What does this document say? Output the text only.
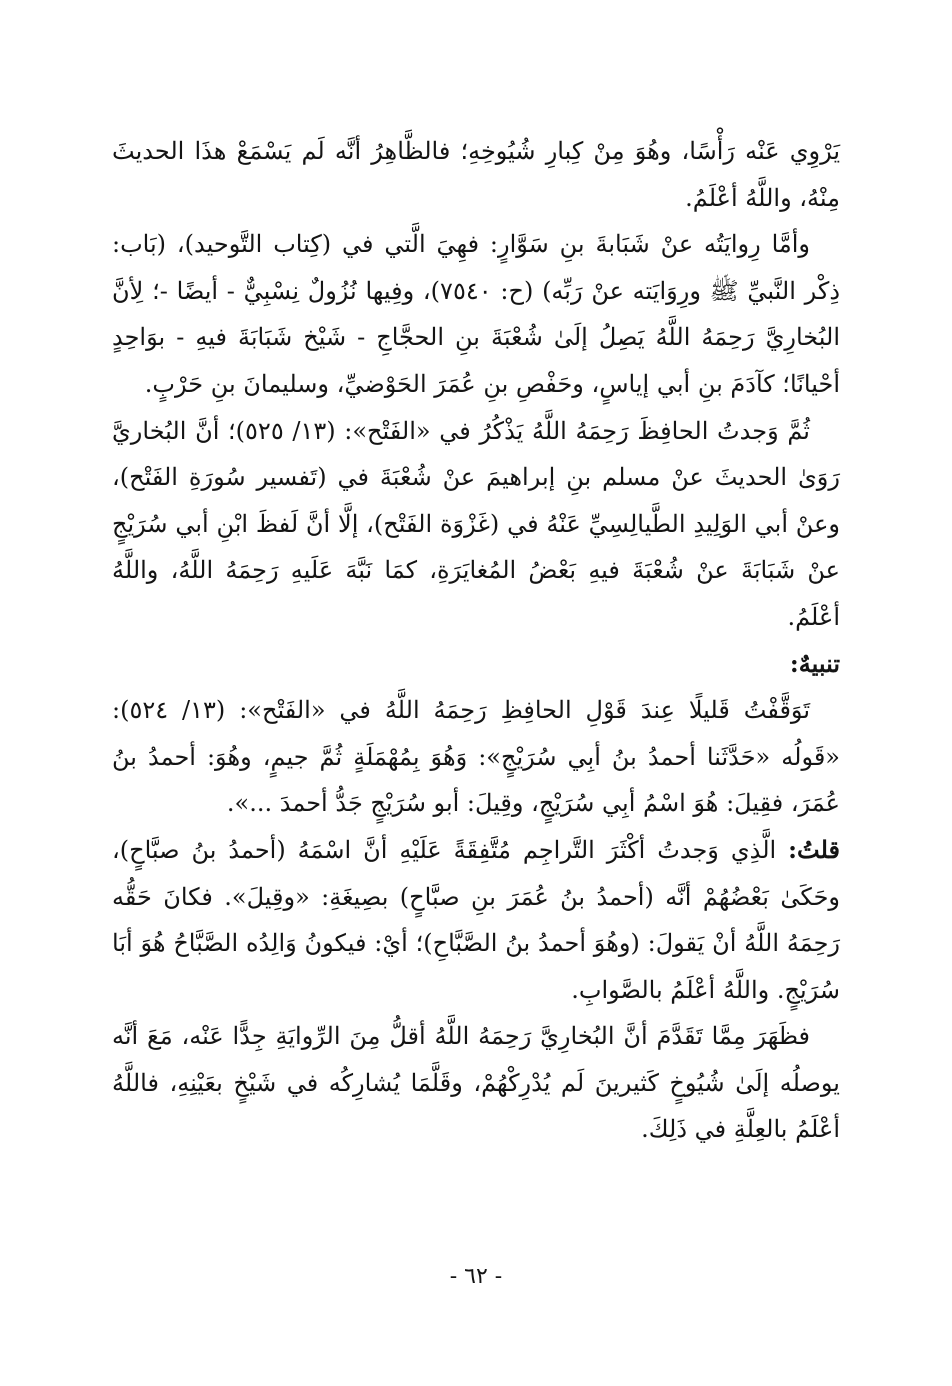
يَرْوِي عَنْه رَأْسًا، وهُوَ مِنْ كِبارِ شُيُوخِهِ؛ فالظَّاهِرُ أنَّه لَم يَسْمَعْ هذَا الحديثَ مِنْهُ، واللَّهُ أعْلَمُ.

وأمَّا رِوايَتُه عنْ شَبَابةَ بنِ سَوَّارٍ: فهِيَ الَّتي في (كِتاب التَّوحيد)، (بَاب: ذِكْر النَّبيِّ ﷺ ورِوَايَته عنْ رَبِّه) (ح: ٧٥٤٠)، وفِيها نُزُولٌ نِسْبِيٌّ - أيضًا -؛ لِأنَّ البُخارِيَّ رَحِمَهُ اللَّهُ يَصِلُ إلَىٰ شُعْبَةَ بنِ الحجَّاجِ - شَيْخ شَبَابَةَ فيهِ - بوَاحِدٍ أحْيانًا؛ كآدَمَ بنِ أبي إياسٍ، وحَفْصِ بنِ عُمَرَ الحَوْضيِّ، وسليمانَ بنِ حَرْبٍ.

ثُمَّ وَجدتُ الحافِظَ رَحِمَهُ اللَّهُ يَذْكُرُ في «الفَتْح»: (١٣/ ٥٢٥)؛ أنَّ البُخاريَّ رَوَىٰ الحديثَ عنْ مسلم بنِ إبراهيمَ عنْ شُعْبَةَ في (تَفسير سُورَةِ الفَتْح)، وعنْ أبي الوَلِيدِ الطَّيالِسِيِّ عَنْهُ في (غَزْوَة الفَتْح)، إلَّا أنَّ لَفظَ ابْنِ أبي سُرَيْجٍ عنْ شَبَابَةَ عنْ شُعْبَةَ فيهِ بَعْضُ المُغايَرَةِ، كمَا نَبَّهَ عَلَيهِ رَحِمَهُ اللَّهُ، واللَّهُ أعْلَمُ.

تنبيهٌ:

تَوَقَّفْتُ قَليلًا عِندَ قَوْلِ الحافِظِ رَحِمَهُ اللَّهُ في «الفَتْح»: (١٣/ ٥٢٤): «قَولُه «حَدَّثَنا أحمدُ بنُ أبِي سُرَيْجٍ»: وَهُوَ بِمُهْمَلَةٍ ثُمَّ جيمٍ، وهُوَ: أحمدُ بنُ عُمَرَ، فقِيلَ: هُوَ اسْمُ أبِي سُرَيْجٍ، وقِيلَ: أبو سُرَيْجٍ جَدُّ أحمدَ ...».

قلتُ: الَّذِي وَجدتُ أكْثَرَ التَّراجِم مُتَّفِقَةً عَلَيْهِ أنَّ اسْمَهُ (أحمدُ بنُ صبَّاحٍ)، وحَكَىٰ بَعْضُهُمْ أنَّه (أحمدُ بنُ عُمَرَ بنِ صبَّاحٍ) بصِيغَةِ: «وقِيلَ». فكانَ حَقُّه رَحِمَهُ اللَّهُ أنْ يَقولَ: (وهُوَ أحمدُ بنُ الصَّبَّاحِ)؛ أيْ: فيكونُ وَالِدُه الصَّبَّاحُ هُوَ أبَا سُرَيْجٍ. واللَّهُ أعْلَمُ بالصَّوابِ.

فظَهَرَ مِمَّا تَقَدَّمَ أنَّ البُخارِيَّ رَحِمَهُ اللَّهُ أقلُّ مِنَ الرِّوايَةِ جِدًّا عَنْه، مَعَ أنَّه يوصلُه إلَىٰ شُيُوخٍ كَثيرينَ لَم يُدْرِكْهُمْ، وقَلَّمَا يُشارِكُه في شَيْخٍ بعَيْنِهِ، فاللَّهُ أعْلَمُ بالعِلَّةِ في ذَلِكَ.

- ٦٢ -
